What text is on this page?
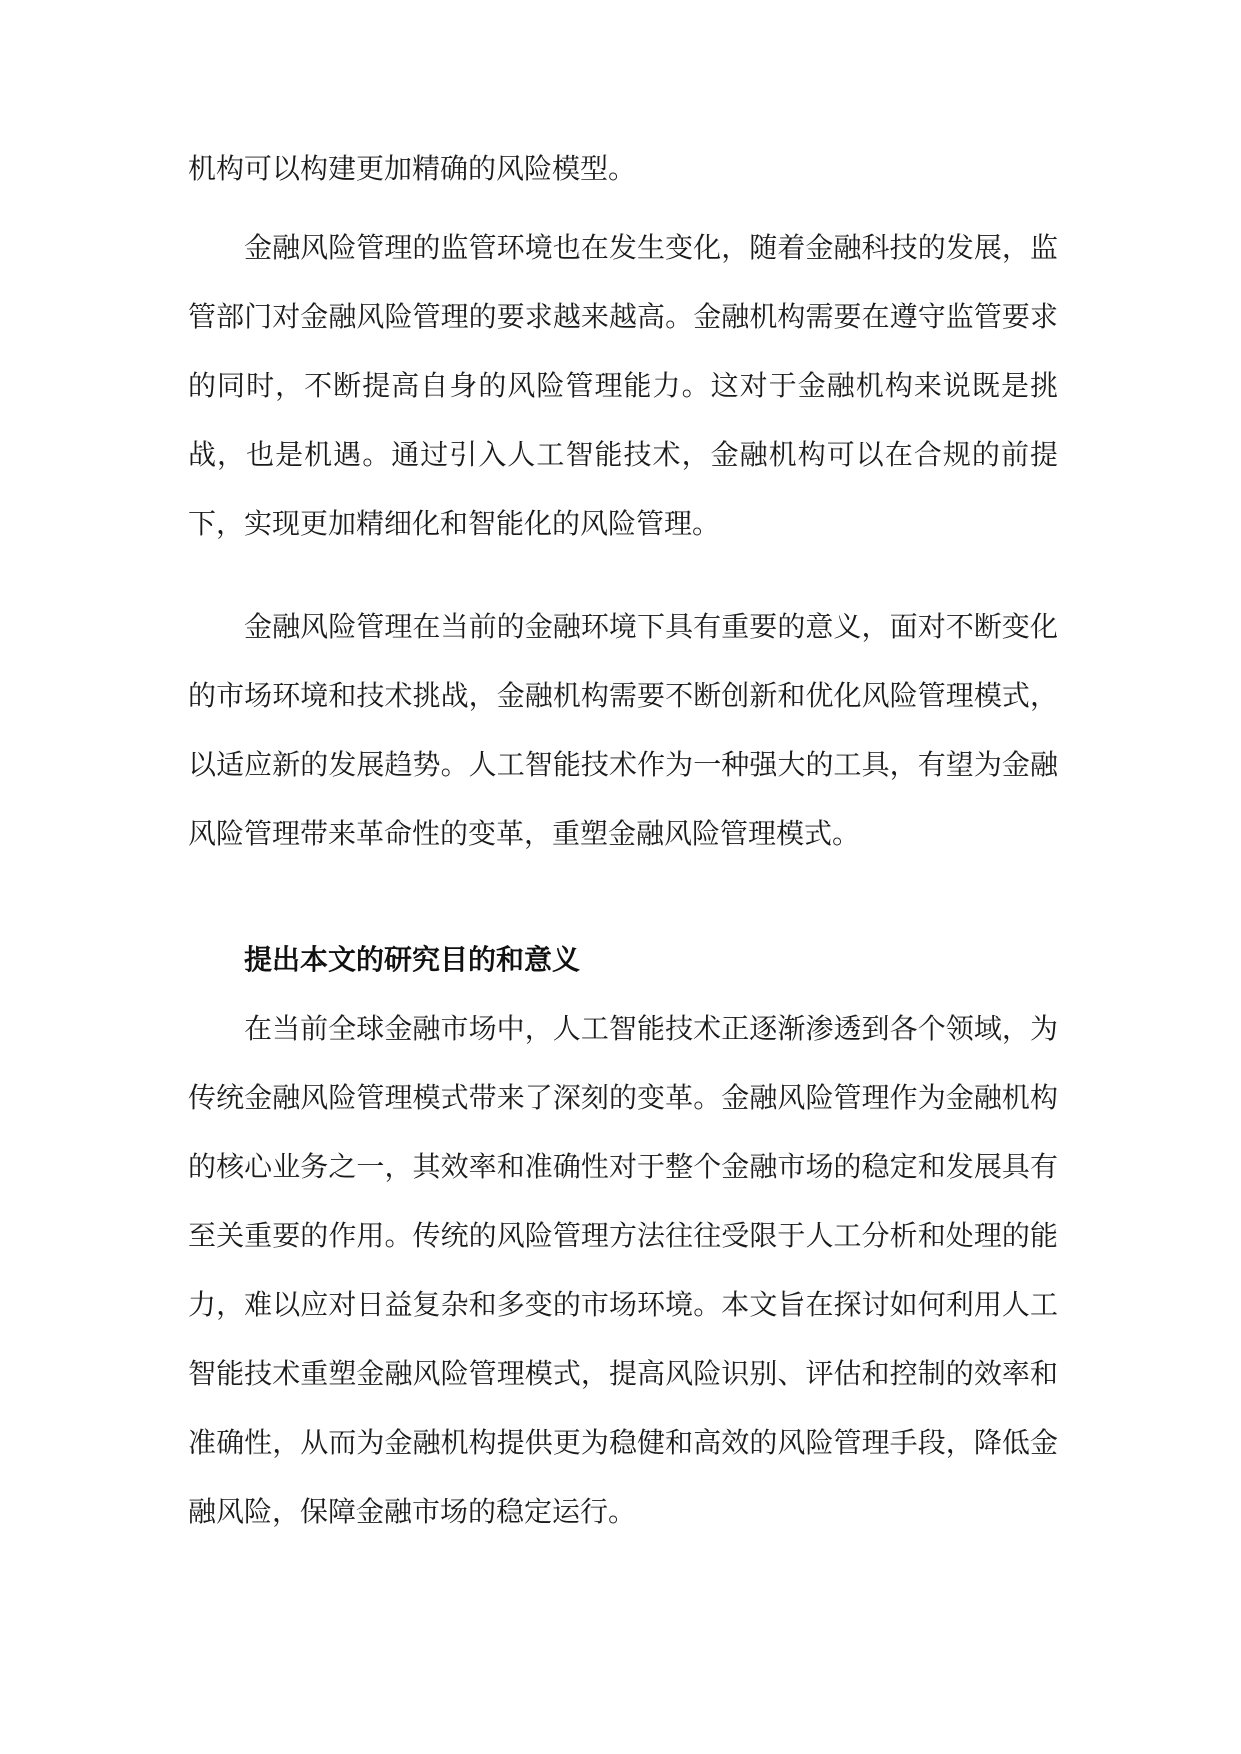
机构可以构建更加精确的风险模型。

金融风险管理的监管环境也在发生变化，随着金融科技的发展，监管部门对金融风险管理的要求越来越高。金融机构需要在遵守监管要求的同时，不断提高自身的风险管理能力。这对于金融机构来说既是挑战，也是机遇。通过引入人工智能技术，金融机构可以在合规的前提下，实现更加精细化和智能化的风险管理。

金融风险管理在当前的金融环境下具有重要的意义，面对不断变化的市场环境和技术挑战，金融机构需要不断创新和优化风险管理模式，以适应新的发展趋势。人工智能技术作为一种强大的工具，有望为金融风险管理带来革命性的变革，重塑金融风险管理模式。

提出本文的研究目的和意义

在当前全球金融市场中，人工智能技术正逐渐渗透到各个领域，为传统金融风险管理模式带来了深刻的变革。金融风险管理作为金融机构的核心业务之一，其效率和准确性对于整个金融市场的稳定和发展具有至关重要的作用。传统的风险管理方法往往受限于人工分析和处理的能力，难以应对日益复杂和多变的市场环境。本文旨在探讨如何利用人工智能技术重塑金融风险管理模式，提高风险识别、评估和控制的效率和准确性，从而为金融机构提供更为稳健和高效的风险管理手段，降低金融风险，保障金融市场的稳定运行。
